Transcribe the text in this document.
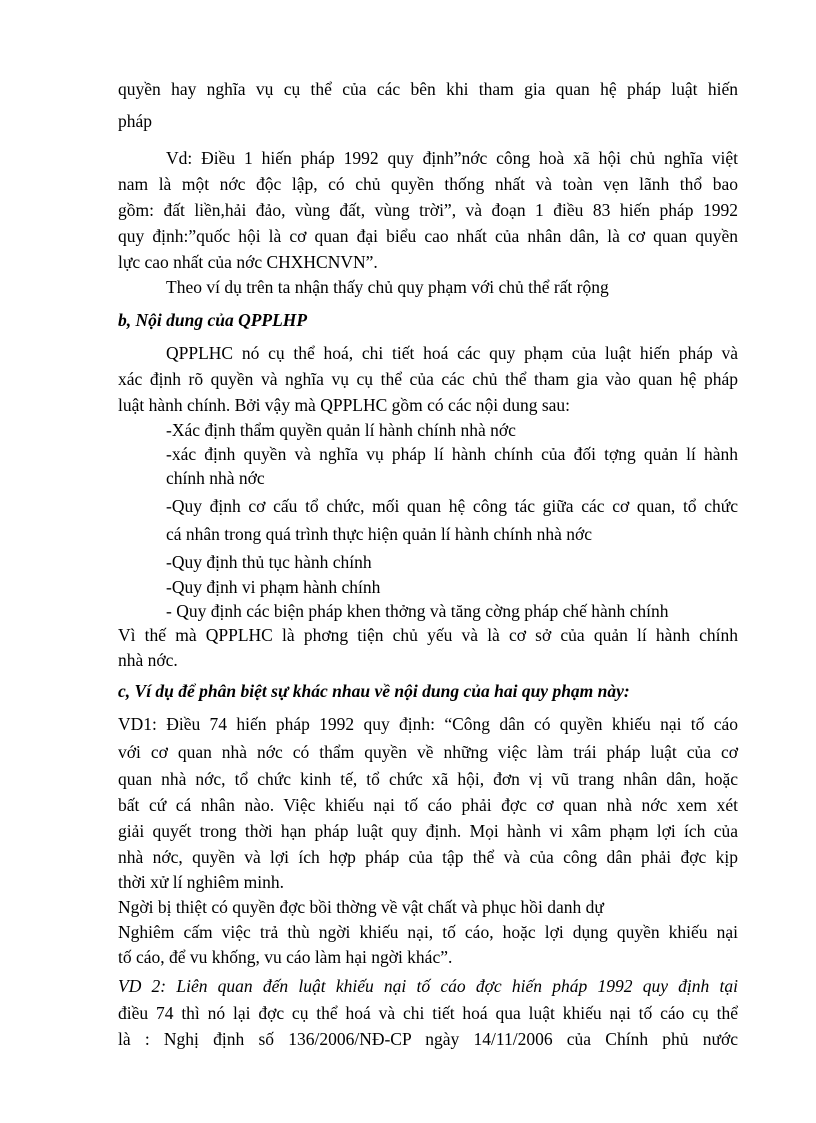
quyền hay nghĩa vụ cụ thể của các bên khi tham gia quan hệ pháp luật hiến
pháp
Vd: Điều 1 hiến pháp 1992 quy định”nớc công hoà xã hội chủ nghĩa việt
nam là một nớc độc lập, có chủ quyền thống nhất và toàn vẹn lãnh thổ bao
gồm: đất liền,hải đảo, vùng đất, vùng trời”, và đoạn 1 điều 83 hiến pháp 1992
quy định:”quốc hội là cơ quan đại biểu cao nhất của nhân dân, là cơ quan quyền
lực cao nhất của nớc CHXHCNVN”.
Theo ví dụ trên ta nhận thấy chủ quy phạm với chủ thể rất rộng
b, Nội dung của QPPLHP
QPPLHC nó cụ thể hoá, chi tiết hoá các quy phạm của luật hiến pháp và
xác định rõ quyền và nghĩa vụ cụ thể của các chủ thể tham gia vào quan hệ pháp
luật hành chính. Bởi vậy mà QPPLHC gồm có các nội dung sau:
-Xác định thẩm quyền quản lí hành chính nhà nớc
-xác định quyền và nghĩa vụ pháp lí hành chính của đối tợng quản lí hành
chính nhà nớc
-Quy định cơ cấu tổ chức, mối quan hệ công tác giữa các cơ quan, tổ chức
cá nhân trong quá trình thực hiện quản lí hành chính nhà nớc
-Quy định thủ tục hành chính
-Quy định vi phạm hành chính
- Quy định các biện pháp khen thởng và tăng cờng pháp chế hành chính
Vì thế mà QPPLHC là phơng tiện chủ yếu và là cơ sở của quản lí hành chính
nhà nớc.
c, Ví dụ để phân biệt sự khác nhau về nội dung của hai quy phạm này:
VD1: Điều 74 hiến pháp 1992 quy định: “Công dân có quyền khiếu nại tố cáo
với cơ quan nhà nớc có thẩm quyền về những việc làm trái pháp luật của cơ
quan nhà nớc, tổ chức kinh tế, tổ chức xã hội, đơn vị vũ trang nhân dân, hoặc
bất cứ cá nhân nào. Việc khiếu nại tố cáo phải đợc cơ quan nhà nớc xem xét
giải quyết trong thời hạn pháp luật quy định. Mọi hành vi xâm phạm lợi ích của
nhà nớc, quyền và lợi ích hợp pháp của tập thể và của công dân phải đợc kịp
thời xử lí nghiêm minh.
Ngời bị thiệt có quyền đợc bồi thờng về vật chất và phục hồi danh dự
Nghiêm cấm việc trả thù ngời khiếu nại, tố cáo, hoặc lợi dụng quyền khiếu nại
tố cáo, để vu khống, vu cáo làm hại ngời khác”.
VD 2: Liên quan đến luật khiếu nại tố cáo đợc hiến pháp 1992 quy định tại
điều 74 thì nó lại đợc cụ thể hoá và chi tiết hoá qua luật khiếu nại tố cáo cụ thể
là : Nghị định số 136/2006/NĐ-CP ngày 14/11/2006 của Chính phủ nước
